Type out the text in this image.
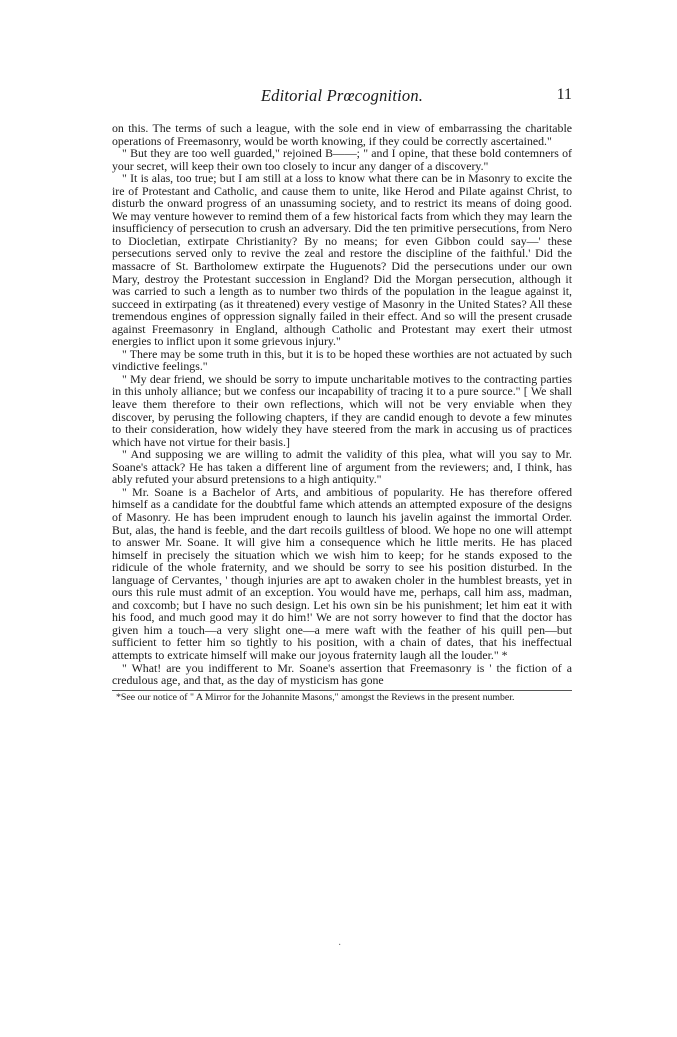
Editorial Prœcognition.	11

on this. The terms of such a league, with the sole end in view of embarrassing the charitable operations of Freemasonry, would be worth knowing, if they could be correctly ascertained."

" But they are too well guarded," rejoined B——; " and I opine, that these bold contemners of your secret, will keep their own too closely to incur any danger of a discovery."

" It is alas, too true; but I am still at a loss to know what there can be in Masonry to excite the ire of Protestant and Catholic, and cause them to unite, like Herod and Pilate against Christ, to disturb the onward progress of an unassuming society, and to restrict its means of doing good. We may venture however to remind them of a few historical facts from which they may learn the insufficiency of persecution to crush an adversary. Did the ten primitive persecutions, from Nero to Diocletian, extirpate Christianity? By no means; for even Gibbon could say—' these persecutions served only to revive the zeal and restore the discipline of the faithful.' Did the massacre of St. Bartholomew extirpate the Huguenots? Did the persecutions under our own Mary, destroy the Protestant succession in England? Did the Morgan persecution, although it was carried to such a length as to number two thirds of the population in the league against it, succeed in extirpating (as it threatened) every vestige of Masonry in the United States? All these tremendous engines of oppression signally failed in their effect. And so will the present crusade against Freemasonry in England, although Catholic and Protestant may exert their utmost energies to inflict upon it some grievous injury."

" There may be some truth in this, but it is to be hoped these worthies are not actuated by such vindictive feelings."

" My dear friend, we should be sorry to impute uncharitable motives to the contracting parties in this unholy alliance; but we confess our incapability of tracing it to a pure source." [ We shall leave them therefore to their own reflections, which will not be very enviable when they discover, by perusing the following chapters, if they are candid enough to devote a few minutes to their consideration, how widely they have steered from the mark in accusing us of practices which have not virtue for their basis.]

" And supposing we are willing to admit the validity of this plea, what will you say to Mr. Soane's attack? He has taken a different line of argument from the reviewers; and, I think, has ably refuted your absurd pretensions to a high antiquity."

" Mr. Soane is a Bachelor of Arts, and ambitious of popularity. He has therefore offered himself as a candidate for the doubtful fame which attends an attempted exposure of the designs of Masonry. He has been imprudent enough to launch his javelin against the immortal Order. But, alas, the hand is feeble, and the dart recoils guiltless of blood. We hope no one will attempt to answer Mr. Soane. It will give him a consequence which he little merits. He has placed himself in precisely the situation which we wish him to keep; for he stands exposed to the ridicule of the whole fraternity, and we should be sorry to see his position disturbed. In the language of Cervantes, ' though injuries are apt to awaken choler in the humblest breasts, yet in ours this rule must admit of an exception. You would have me, perhaps, call him ass, madman, and coxcomb; but I have no such design. Let his own sin be his punishment; let him eat it with his food, and much good may it do him!' We are not sorry however to find that the doctor has given him a touch—a very slight one—a mere waft with the feather of his quill pen—but sufficient to fetter him so tightly to his position, with a chain of dates, that his ineffectual attempts to extricate himself will make our joyous fraternity laugh all the louder." *

" What! are you indifferent to Mr. Soane's assertion that Freemasonry is ' the fiction of a credulous age, and that, as the day of mysticism has gone

*See our notice of " A Mirror for the Johannite Masons," amongst the Reviews in the present number.
·
